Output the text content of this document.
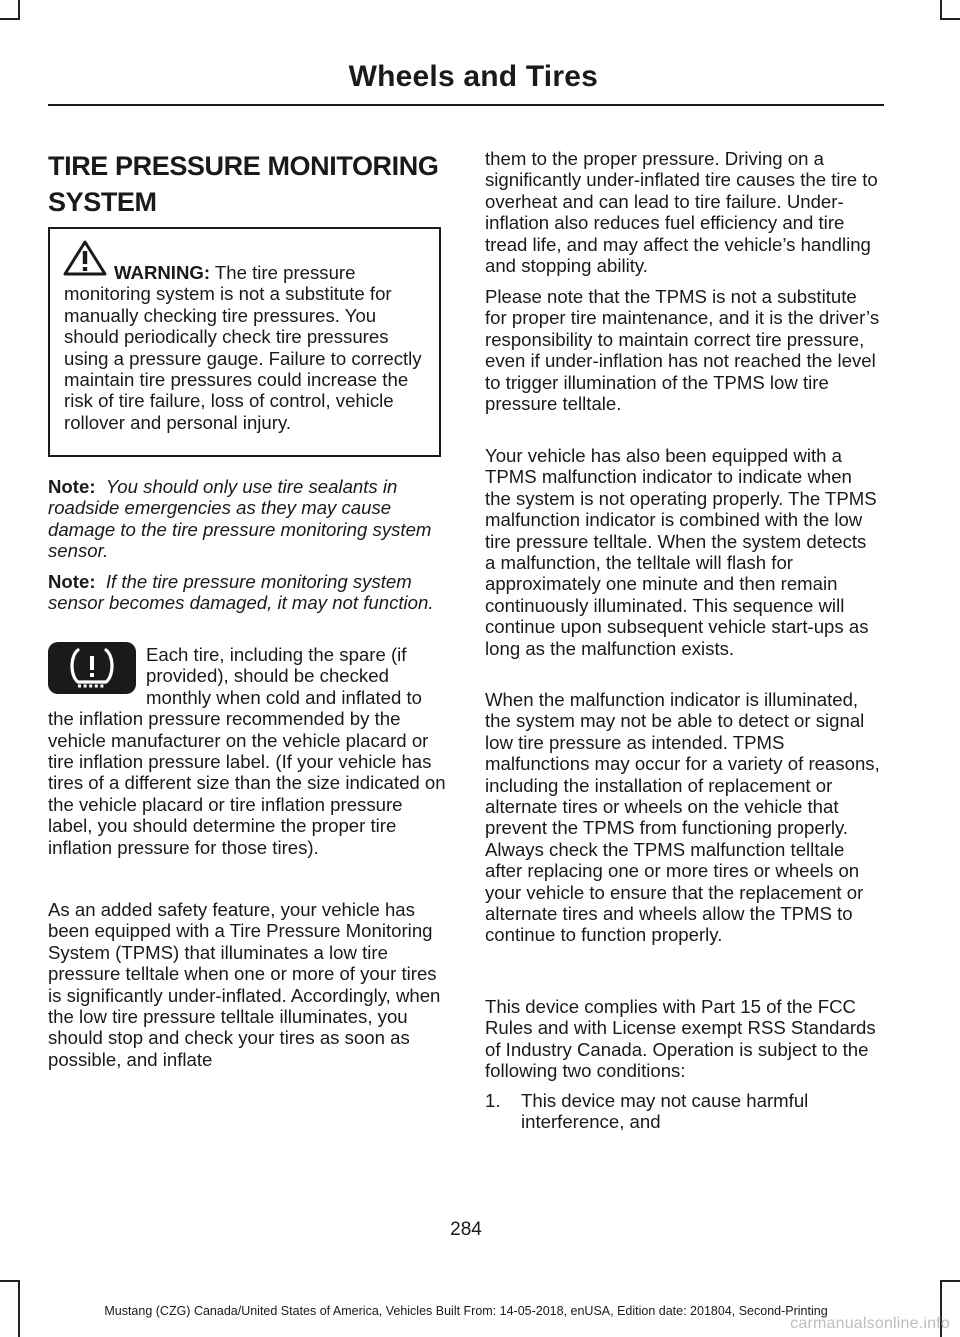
Wheels and Tires
TIRE PRESSURE MONITORING SYSTEM

WARNING: The tire pressure monitoring system is not a substitute for manually checking tire pressures. You should periodically check tire pressures using a pressure gauge. Failure to correctly maintain tire pressures could increase the risk of tire failure, loss of control, vehicle rollover and personal injury.

Note: You should only use tire sealants in roadside emergencies as they may cause damage to the tire pressure monitoring system sensor.

Note: If the tire pressure monitoring system sensor becomes damaged, it may not function.

Each tire, including the spare (if provided), should be checked monthly when cold and inflated to the inflation pressure recommended by the vehicle manufacturer on the vehicle placard or tire inflation pressure label. (If your vehicle has tires of a different size than the size indicated on the vehicle placard or tire inflation pressure label, you should determine the proper tire inflation pressure for those tires).

As an added safety feature, your vehicle has been equipped with a Tire Pressure Monitoring System (TPMS) that illuminates a low tire pressure telltale when one or more of your tires is significantly under-inflated. Accordingly, when the low tire pressure telltale illuminates, you should stop and check your tires as soon as possible, and inflate

them to the proper pressure. Driving on a significantly under-inflated tire causes the tire to overheat and can lead to tire failure. Under-inflation also reduces fuel efficiency and tire tread life, and may affect the vehicle’s handling and stopping ability.

Please note that the TPMS is not a substitute for proper tire maintenance, and it is the driver’s responsibility to maintain correct tire pressure, even if under-inflation has not reached the level to trigger illumination of the TPMS low tire pressure telltale.

Your vehicle has also been equipped with a TPMS malfunction indicator to indicate when the system is not operating properly. The TPMS malfunction indicator is combined with the low tire pressure telltale. When the system detects a malfunction, the telltale will flash for approximately one minute and then remain continuously illuminated. This sequence will continue upon subsequent vehicle start-ups as long as the malfunction exists.

When the malfunction indicator is illuminated, the system may not be able to detect or signal low tire pressure as intended. TPMS malfunctions may occur for a variety of reasons, including the installation of replacement or alternate tires or wheels on the vehicle that prevent the TPMS from functioning properly. Always check the TPMS malfunction telltale after replacing one or more tires or wheels on your vehicle to ensure that the replacement or alternate tires and wheels allow the TPMS to continue to function properly.

This device complies with Part 15 of the FCC Rules and with License exempt RSS Standards of Industry Canada. Operation is subject to the following two conditions:

1. This device may not cause harmful interference, and
284
Mustang (CZG) Canada/United States of America, Vehicles Built From: 14-05-2018, enUSA, Edition date: 201804, Second-Printing
carmanualsonline.info
